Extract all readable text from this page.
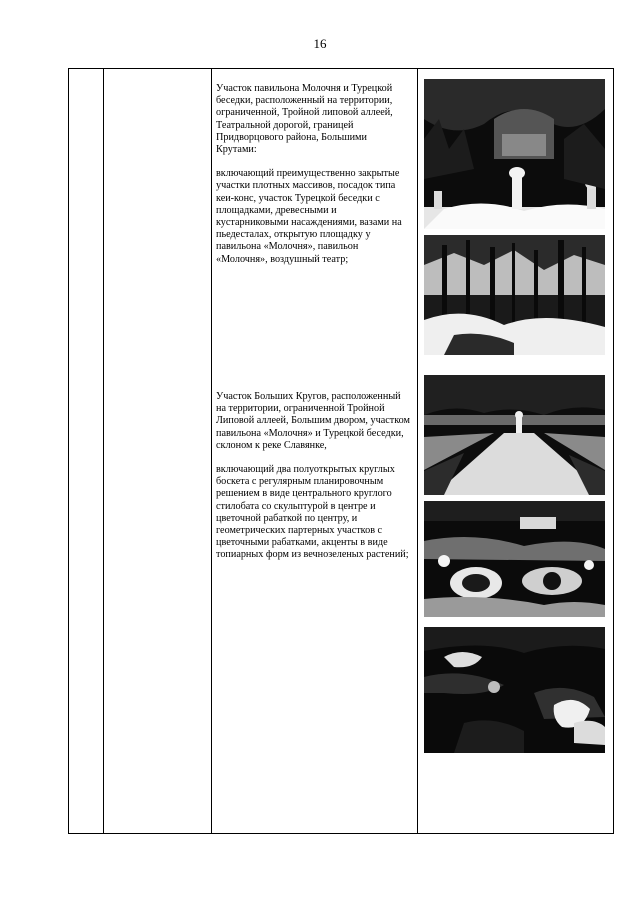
16
Участок павильона Молочня и Турецкой беседки, расположенный на территории, ограниченной, Тройной липовой аллеей, Театральной дорогой, границей Придворцового района, Большими Крутами:
включающий преимущественно закрытые участки плотных массивов, посадок типа кеи-конс, участок Турецкой беседки с площадками, древесными и кустарниковыми насаждениями, вазами на пьедесталах, открытую площадку у павильона «Молочня», павильон «Молочня», воздушный театр;
Участок Больших Кругов, расположенный на территории, ограниченной Тройной Липовой аллеей, Большим двором, участком павильона «Молочня» и Турецкой беседки, склоном к реке Славянке,
включающий два полуоткрытых круглых боскета с регулярным планировочным решением в виде центрального круглого стилобата со скульптурой в центре и цветочной рабаткой по центру, и геометрических партерных участков с цветочными рабатками, акценты в виде топиарных форм из вечнозеленых растений;
